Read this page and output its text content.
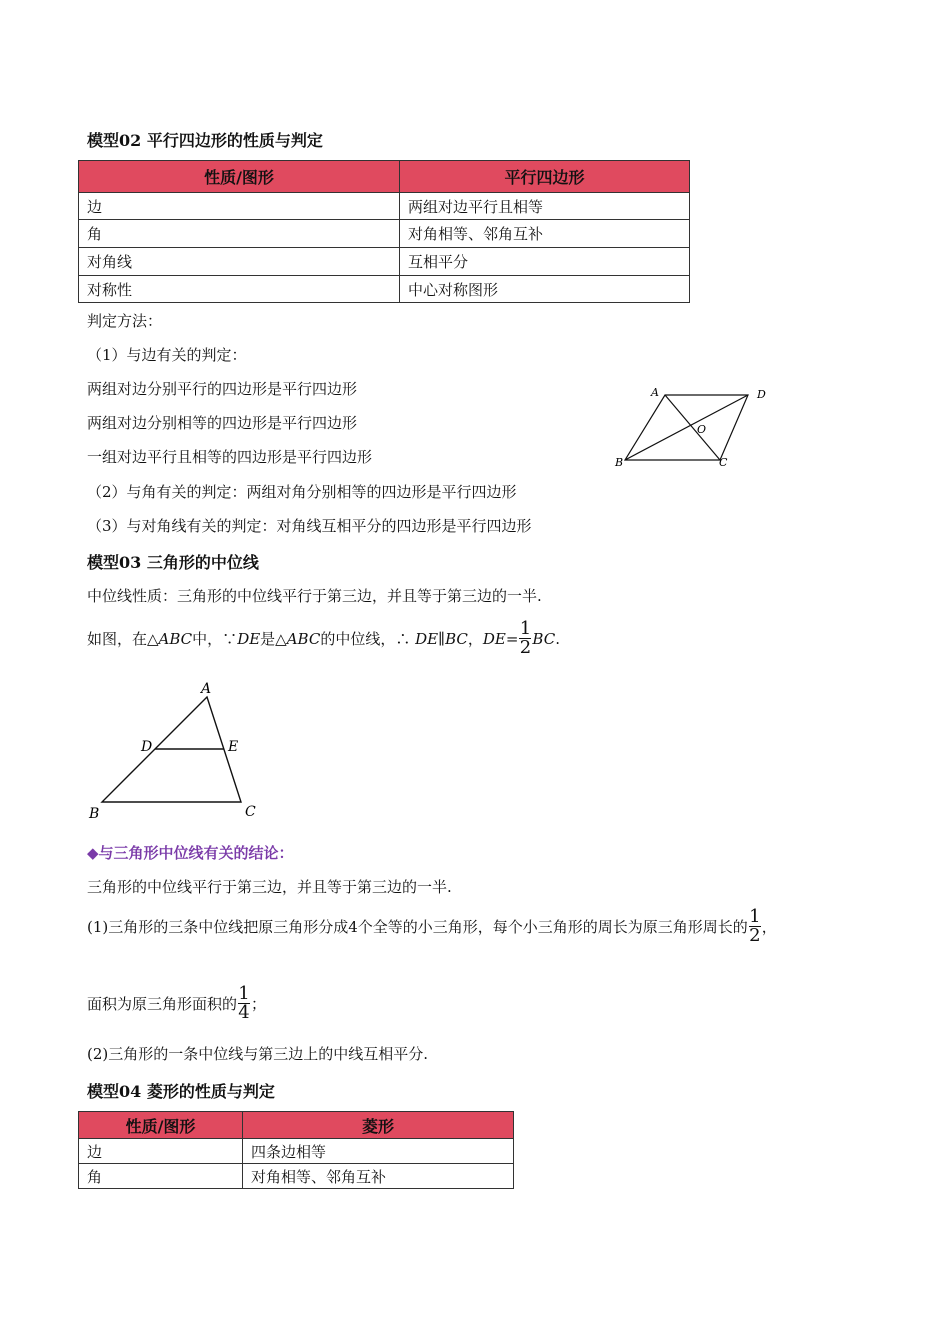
模型02 平行四边形的性质与判定
性质/图形	平行四边形
边	两组对边平行且相等
角	对角相等、邻角互补
对角线	互相平分
对称性	中心对称图形
判定方法：
（1）与边有关的判定：
两组对边分别平行的四边形是平行四边形
两组对边分别相等的四边形是平行四边形
一组对边平行且相等的四边形是平行四边形
（2）与角有关的判定：两组对角分别相等的四边形是平行四边形
（3）与对角线有关的判定：对角线互相平分的四边形是平行四边形
A	D
B	C
O
模型03 三角形的中位线
中位线性质：三角形的中位线平行于第三边，并且等于第三边的一半.
如图，在△ ABC 中，∵ DE 是△ ABC 的中位线，∴
DE ∥ BC ， DE = $\frac{1}{2}$ BC .
A
D	E
B	C
◆与三角形中位线有关的结论：
三角形的中位线平行于第三边，并且等于第三边的一半.
(1)三角形的三条中位线把原三角形分成4个全等的小三角形，每个小三角形的周长为原三角形周长的 $\frac{1}{2}$ ，
面积为原三角形面积的 $\frac{1}{4}$ ；
(2)三角形的一条中位线与第三边上的中线互相平分.
模型04 菱形的性质与判定
性质/图形	菱形
边	四条边相等
角	对角相等、邻角互补
